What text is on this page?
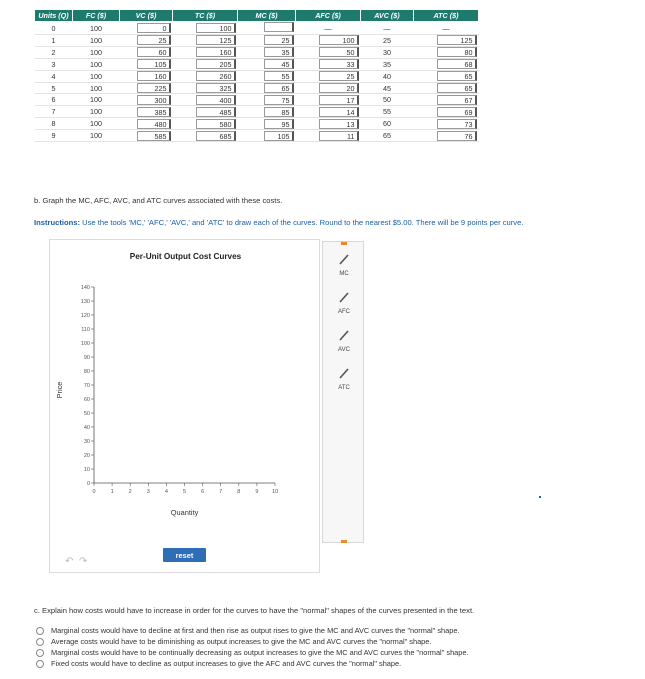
Units (Q)	FC ($)	VC ($)	TC ($)	MC ($)	AFC ($)	AVC ($)	ATC ($)
0	100	0	100		—	—	—
1	100	25	125	25	100	25	125
2	100	60	160	35	50	30	80
3	100	105	205	45	33	35	68
4	100	160	260	55	25	40	65
5	100	225	325	65	20	45	65
6	100	300	400	75	17	50	67
7	100	385	485	85	14	55	69
8	100	480	580	95	13	60	73
9	100	585	685	105	11	65	76
b. Graph the MC, AFC, AVC, and ATC curves associated with these costs.
Instructions: Use the tools 'MC,' 'AFC,' 'AVC,' and 'ATC' to draw each of the curves. Round to the nearest $5.00. There will be 9 points per curve.
Per-Unit Output Cost Curves
0
10
20
30
40
50
60
70
80
90
100
110
120
130
140
0	1	2	3	4	5	6	7	8	9 10
Quantity
Price
MC
AFC
AVC
ATC
↶ ↷
reset
c. Explain how costs would have to increase in order for the curves to have the "normal" shapes of the curves presented in the text.
Marginal costs would have to decline at first and then rise as output rises to give the MC and AVC curves the "normal" shape.
Average costs would have to be diminishing as output increases to give the MC and AVC curves the "normal" shape.
Marginal costs would have to be continually decreasing as output increases to give the MC and AVC curves the "normal" shape.
Fixed costs would have to decline as output increases to give the AFC and AVC curves the "normal" shape.
